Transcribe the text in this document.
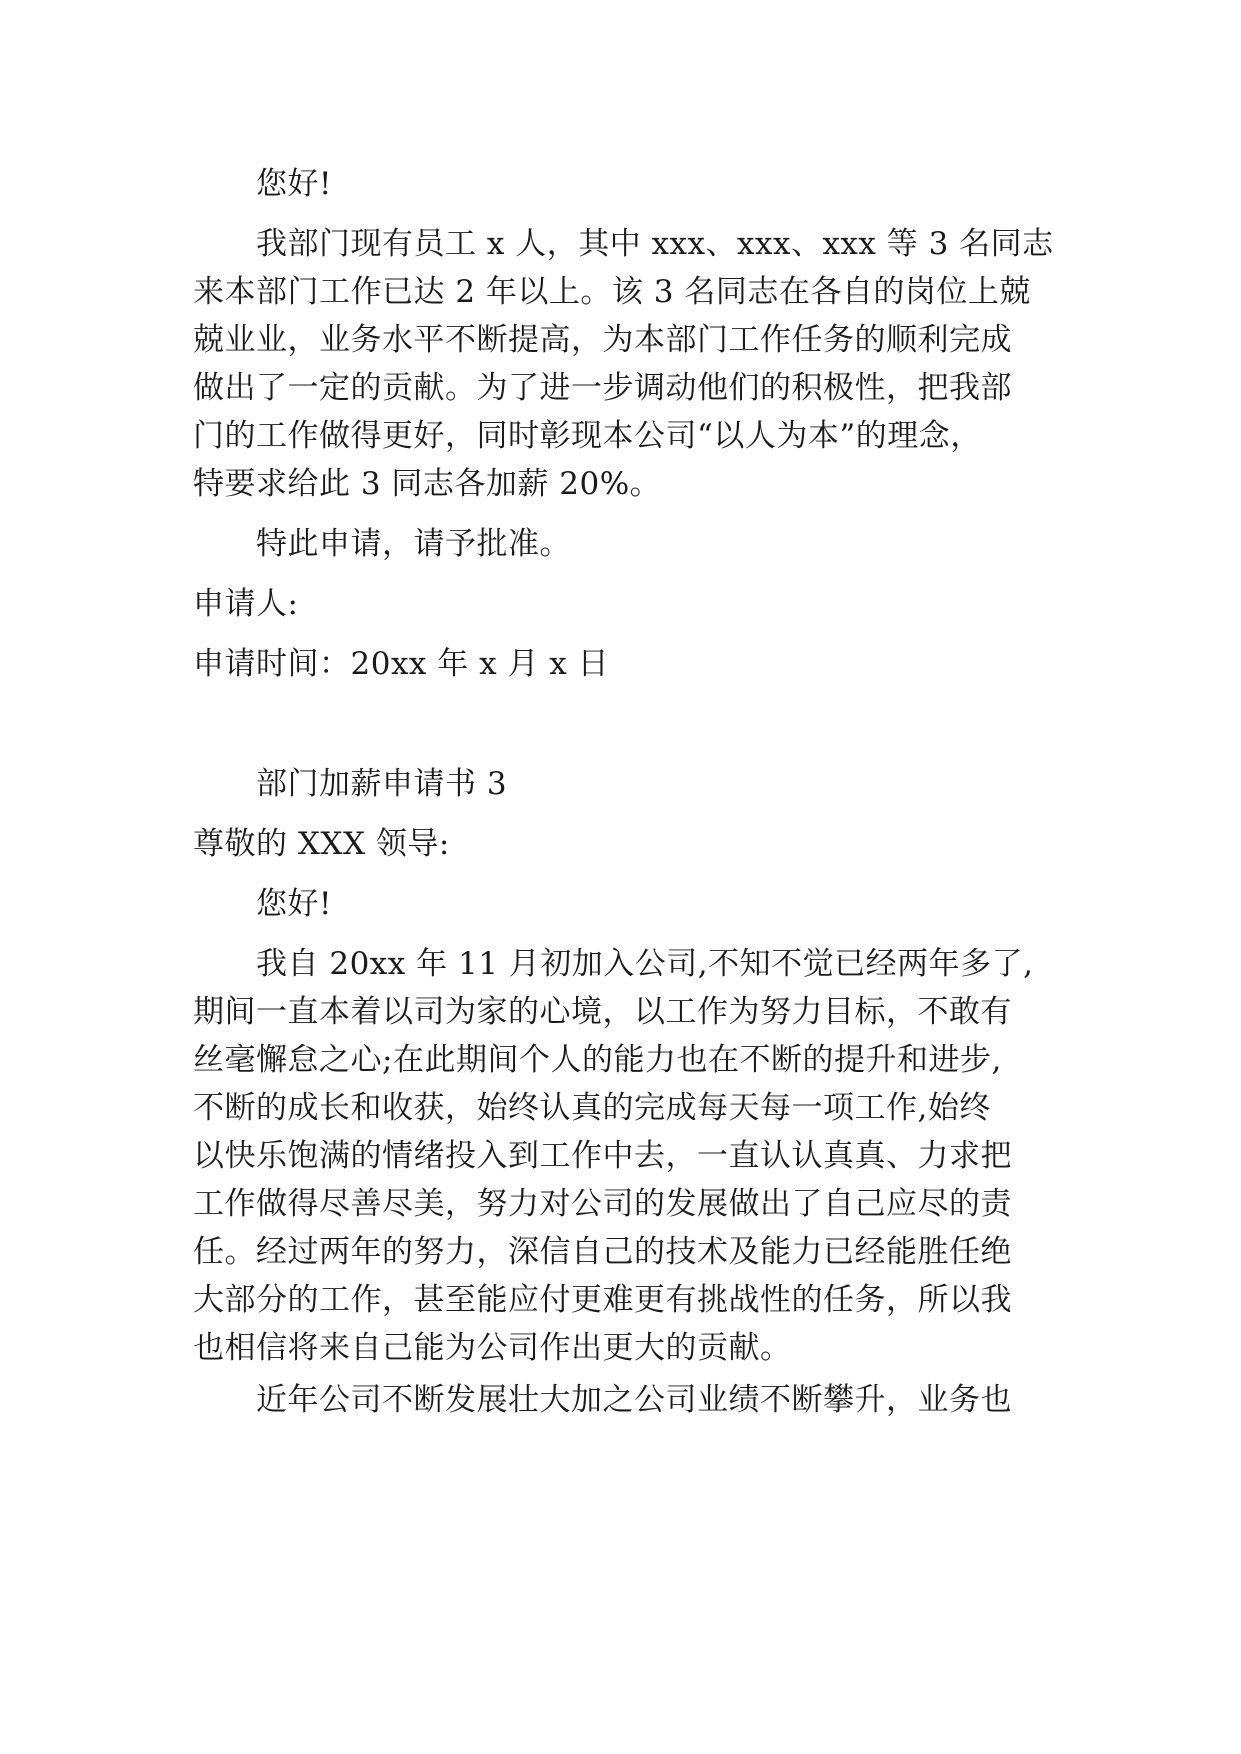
您好!
我部门现有员工 x 人，其中 xxx、xxx、xxx 等 3 名同志
来本部门工作已达 2 年以上。该 3 名同志在各自的岗位上兢
兢业业，业务水平不断提高，为本部门工作任务的顺利完成
做出了一定的贡献。为了进一步调动他们的积极性，把我部
门的工作做得更好，同时彰现本公司“以人为本”的理念，
特要求给此 3 同志各加薪 20%。
特此申请，请予批准。
申请人:
申请时间：20xx 年 x 月 x 日
部门加薪申请书 3
尊敬的 XXX 领导:
您好!
我自 20xx 年 11 月初加入公司,不知不觉已经两年多了,
期间一直本着以司为家的心境，以工作为努力目标，不敢有
丝毫懈怠之心;在此期间个人的能力也在不断的提升和进步,
不断的成长和收获，始终认真的完成每天每一项工作,始终
以快乐饱满的情绪投入到工作中去，一直认认真真、力求把
工作做得尽善尽美，努力对公司的发展做出了自己应尽的责
任。经过两年的努力，深信自己的技术及能力已经能胜任绝
大部分的工作，甚至能应付更难更有挑战性的任务，所以我
也相信将来自己能为公司作出更大的贡献。
近年公司不断发展壮大加之公司业绩不断攀升，业务也
